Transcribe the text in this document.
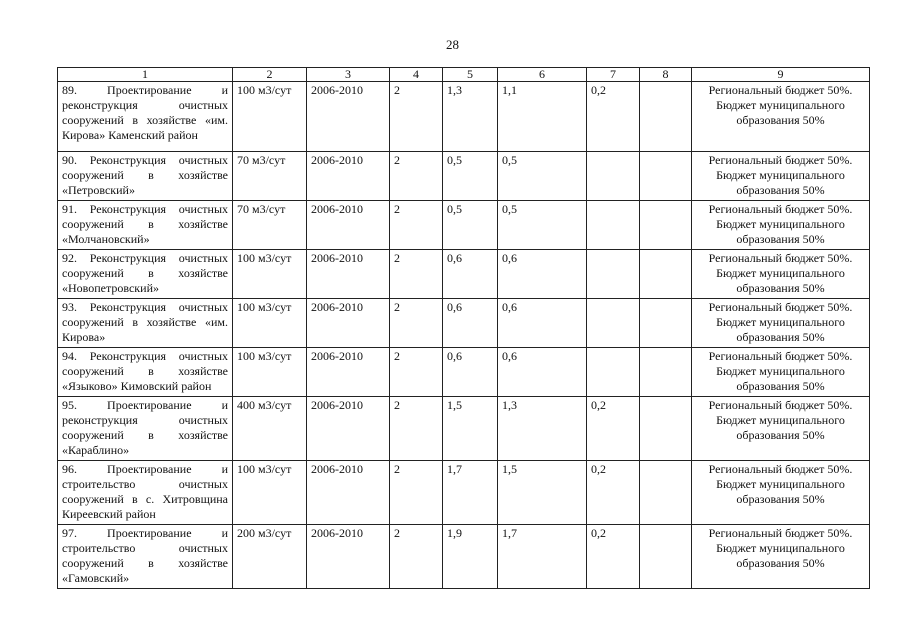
28
1	2	3	4	5	6	7	8	9
89. Проектирование и реконструкция очистных сооружений в хозяйстве «им. Кирова» Каменский район	100 м3/сут	2006-2010	2	1,3	1,1	0,2		Региональный бюджет 50%. Бюджет муниципального образования 50%
90. Реконструкция очистных сооружений в хозяйстве «Петровский»	70 м3/сут	2006-2010	2	0,5	0,5			Региональный бюджет 50%. Бюджет муниципального образования 50%
91. Реконструкция очистных сооружений в хозяйстве «Молчановский»	70 м3/сут	2006-2010	2	0,5	0,5			Региональный бюджет 50%. Бюджет муниципального образования 50%
92. Реконструкция очистных сооружений в хозяйстве «Новопетровский»	100 м3/сут	2006-2010	2	0,6	0,6			Региональный бюджет 50%. Бюджет муниципального образования 50%
93. Реконструкция очистных сооружений в хозяйстве «им. Кирова»	100 м3/сут	2006-2010	2	0,6	0,6			Региональный бюджет 50%. Бюджет муниципального образования 50%
94. Реконструкция очистных сооружений в хозяйстве «Языково» Кимовский район	100 м3/сут	2006-2010	2	0,6	0,6			Региональный бюджет 50%. Бюджет муниципального образования 50%
95. Проектирование и реконструкция очистных сооружений в хозяйстве «Караблино»	400 м3/сут	2006-2010	2	1,5	1,3	0,2		Региональный бюджет 50%. Бюджет муниципального образования 50%
96. Проектирование и строительство очистных сооружений в с. Хитровщина Киреевский район	100 м3/сут	2006-2010	2	1,7	1,5	0,2		Региональный бюджет 50%. Бюджет муниципального образования 50%
97. Проектирование и строительство очистных сооружений в хозяйстве «Гамовский»	200 м3/сут	2006-2010	2	1,9	1,7	0,2		Региональный бюджет 50%. Бюджет муниципального образования 50%
